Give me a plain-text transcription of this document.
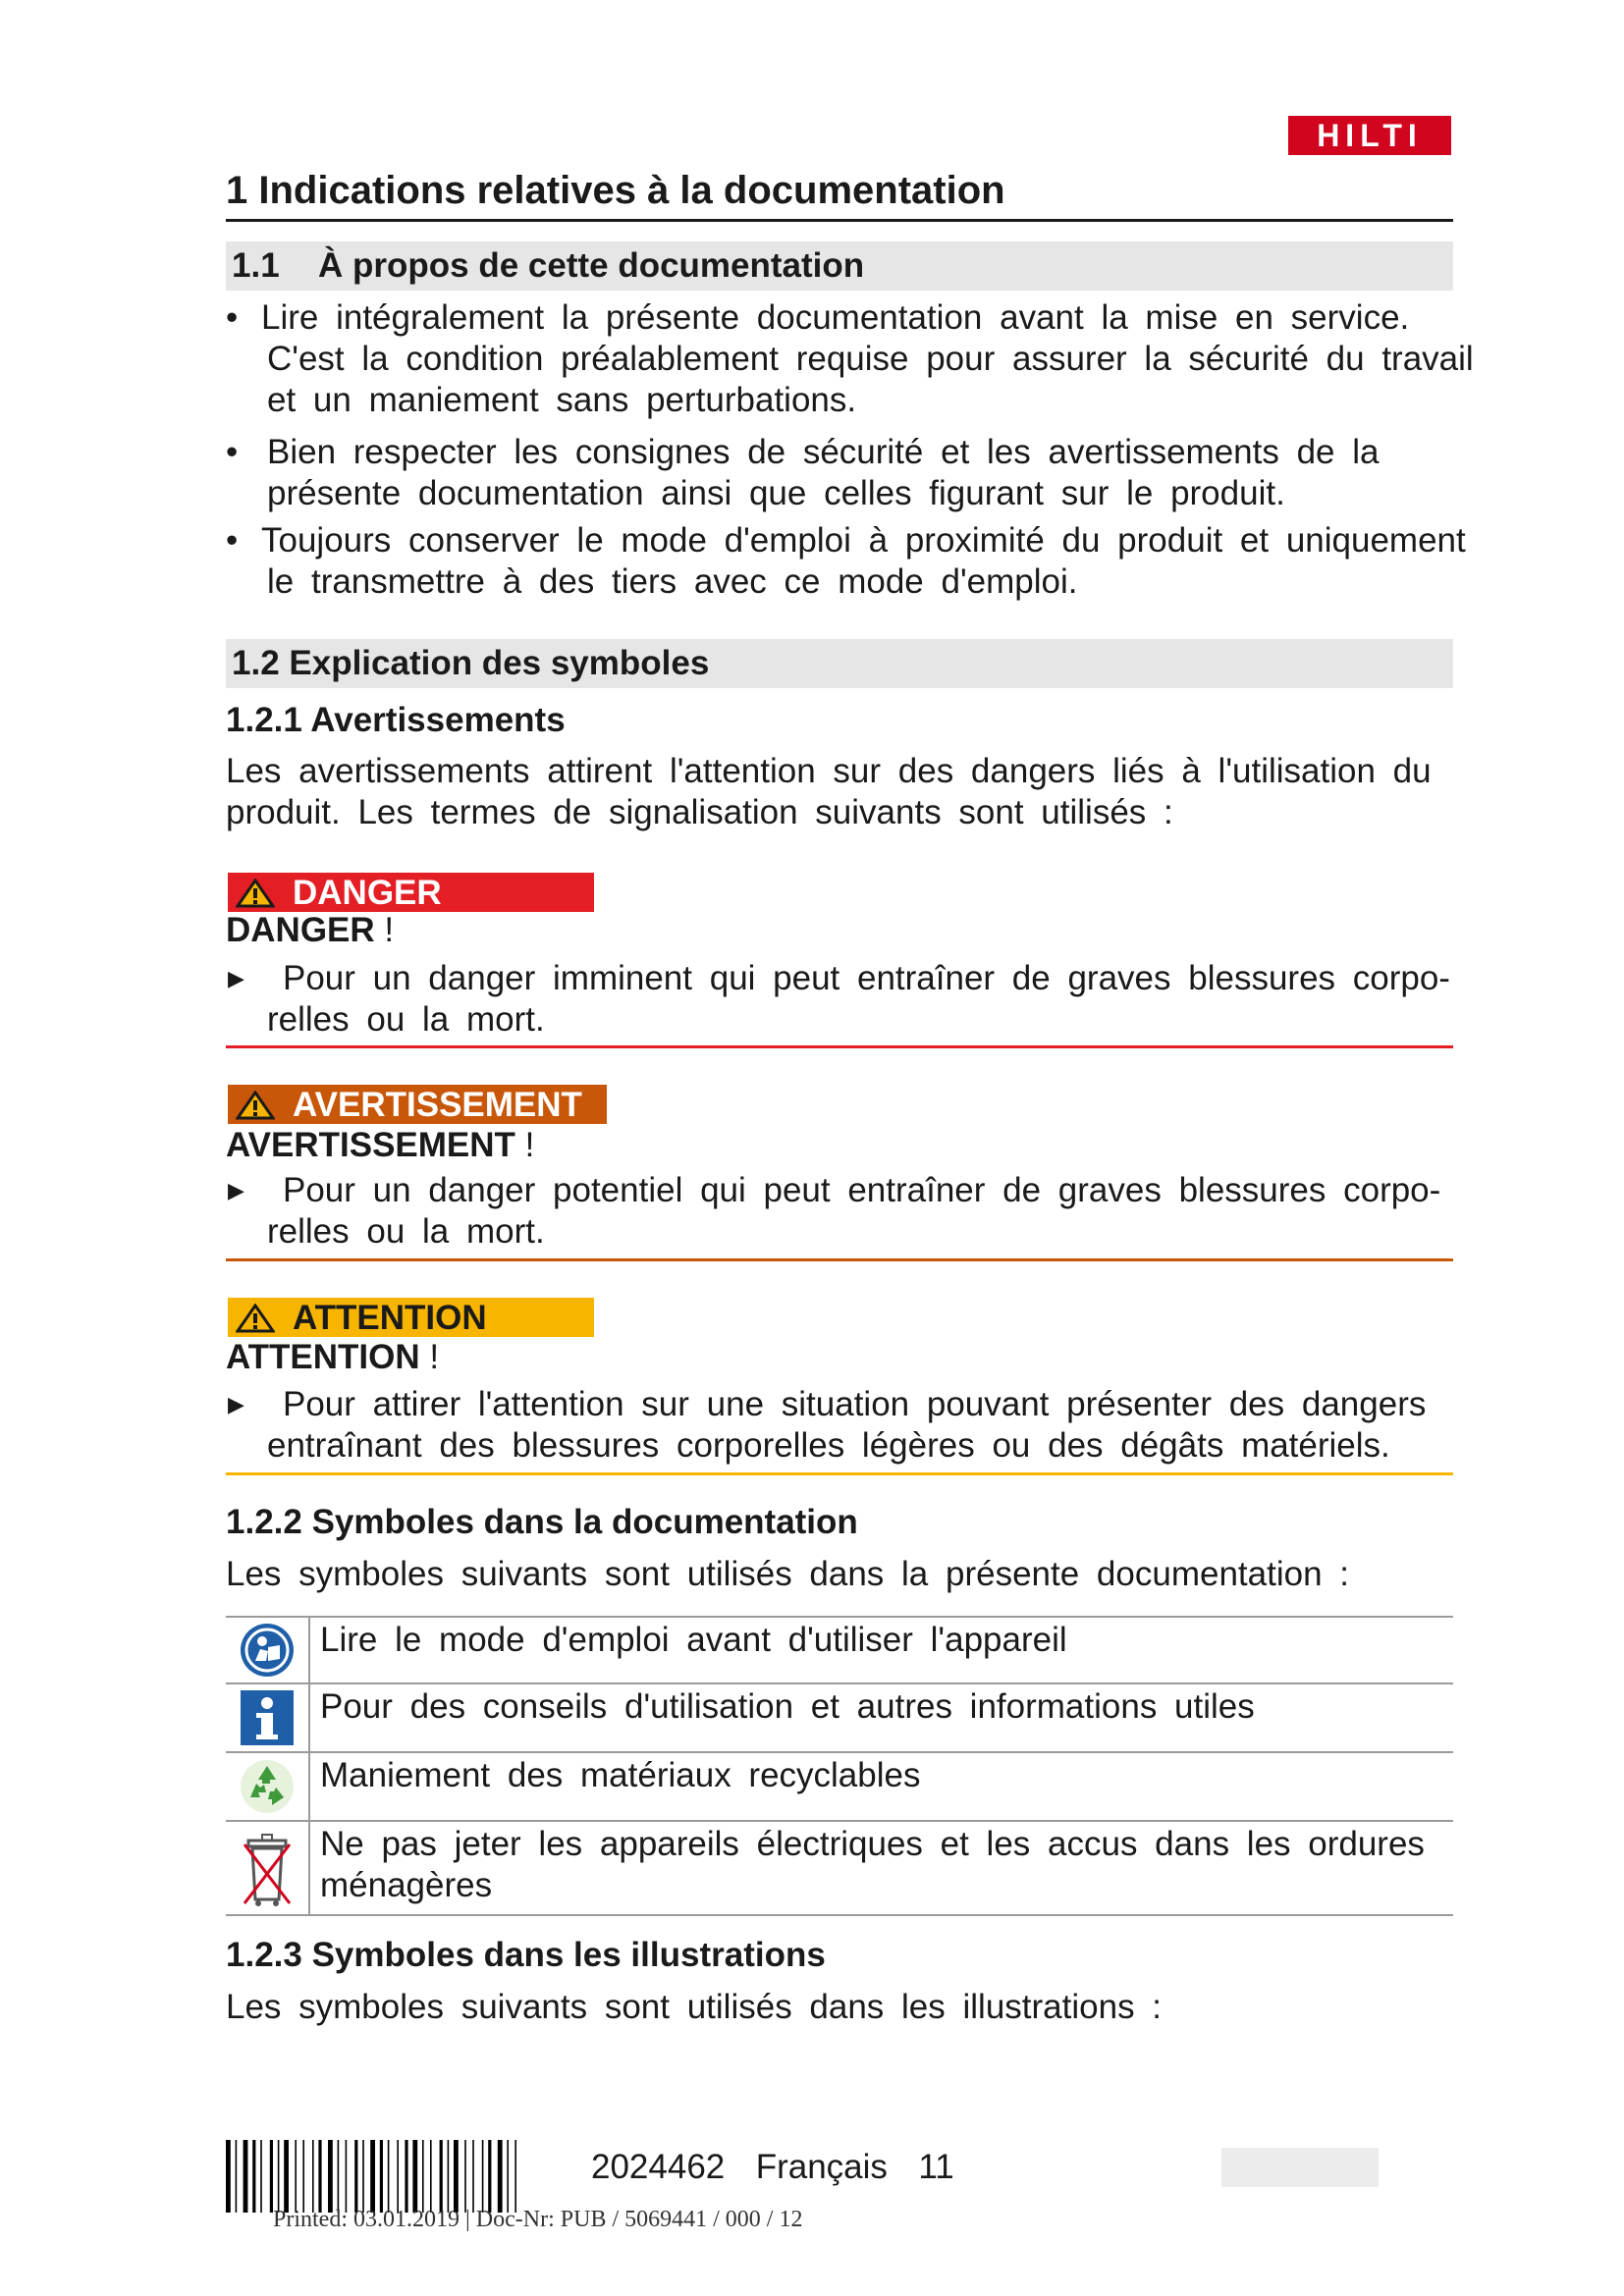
HILTI
1 Indications relatives à la documentation
1.1 À propos de cette documentation
• Lire intégralement la présente documentation avant la mise en service.
C'est la condition préalablement requise pour assurer la sécurité du travail
et un maniement sans perturbations.
• Bien respecter les consignes de sécurité et les avertissements de la
présente documentation ainsi que celles figurant sur le produit.
• Toujours conserver le mode d'emploi à proximité du produit et uniquement
le transmettre à des tiers avec ce mode d'emploi.
1.2 Explication des symboles
1.2.1 Avertissements
Les avertissements attirent l'attention sur des dangers liés à l'utilisation du
produit. Les termes de signalisation suivants sont utilisés :
DANGER
DANGER !
▶	Pour un danger imminent qui peut entraîner de graves blessures corpo-
relles ou la mort.
AVERTISSEMENT
AVERTISSEMENT !
▶	Pour un danger potentiel qui peut entraîner de graves blessures corpo-
relles ou la mort.
ATTENTION
ATTENTION !
▶	Pour attirer l'attention sur une situation pouvant présenter des dangers
entraînant des blessures corporelles légères ou des dégâts matériels.
1.2.2 Symboles dans la documentation
Les symboles suivants sont utilisés dans la présente documentation :
Lire le mode d'emploi avant d'utiliser l'appareil
Pour des conseils d'utilisation et autres informations utiles
Maniement des matériaux recyclables
Ne pas jeter les appareils électriques et les accus dans les ordures
ménagères
1.2.3 Symboles dans les illustrations
Les symboles suivants sont utilisés dans les illustrations :
2024462 Français 11
Printed: 03.01.2019 | Doc-Nr: PUB / 5069441 / 000 / 12
